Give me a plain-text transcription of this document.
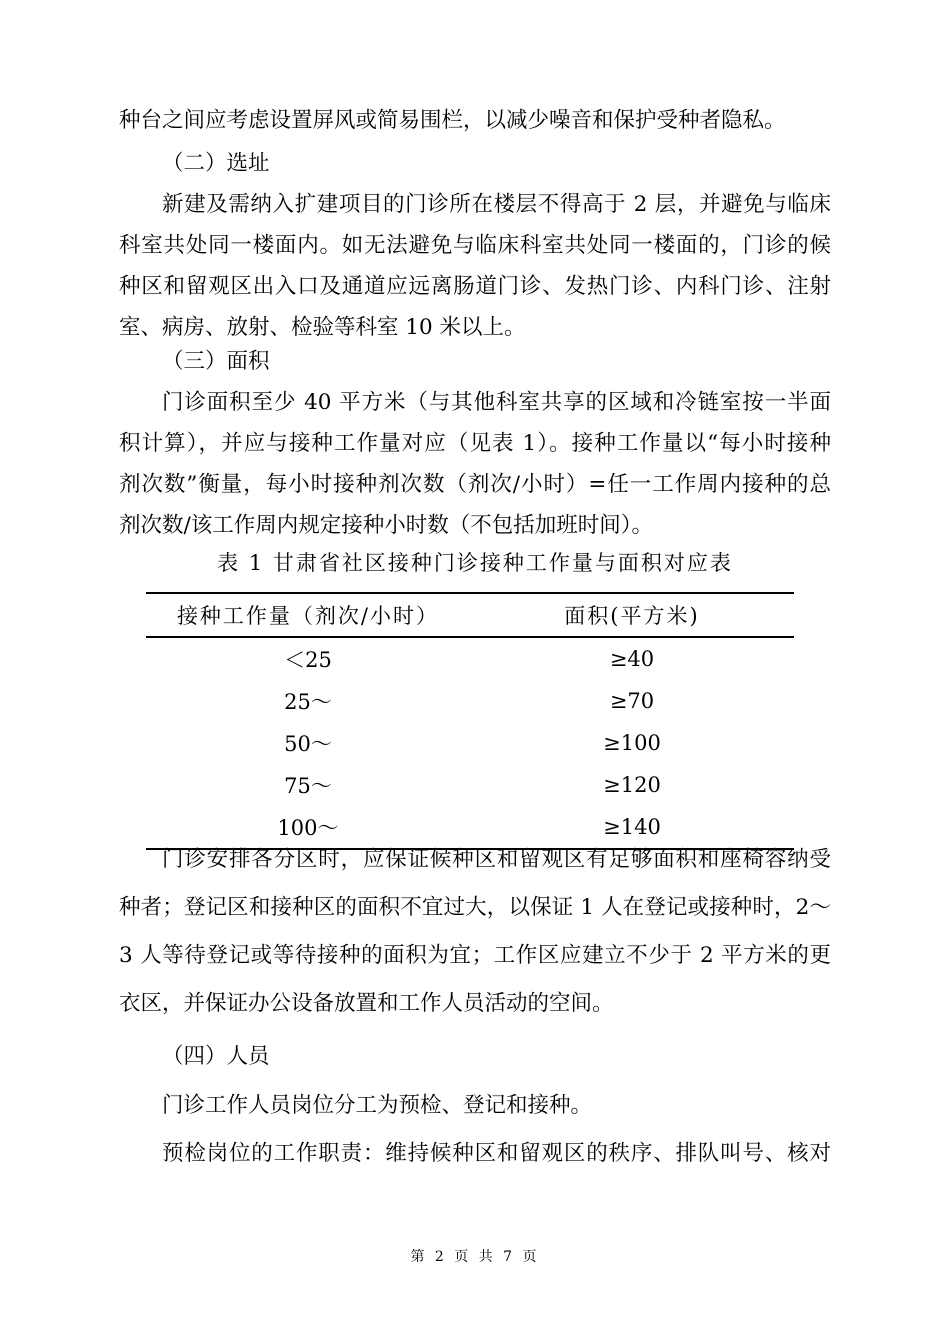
种台之间应考虑设置屏风或简易围栏，以减少噪音和保护受种者隐私。

（二）选址

新建及需纳入扩建项目的门诊所在楼层不得高于 2 层，并避免与临床
科室共处同一楼面内。如无法避免与临床科室共处同一楼面的，门诊的候
种区和留观区出入口及通道应远离肠道门诊、发热门诊、内科门诊、注射
室、病房、放射、检验等科室 10 米以上。

（三）面积

门诊面积至少 40 平方米（与其他科室共享的区域和冷链室按一半面
积计算），并应与接种工作量对应（见表 1）。接种工作量以“每小时接种
剂次数”衡量，每小时接种剂次数（剂次/小时）=任一工作周内接种的总
剂次数/该工作周内规定接种小时数（不包括加班时间）。

表 1 甘肃省社区接种门诊接种工作量与面积对应表
接种工作量（剂次/小时）	面积(平方米)
＜25	≥40
25～	≥70
50～	≥100
75～	≥120
100～	≥140

门诊安排各分区时，应保证候种区和留观区有足够面积和座椅容纳受
种者；登记区和接种区的面积不宜过大，以保证 1 人在登记或接种时，2～
3 人等待登记或等待接种的面积为宜；工作区应建立不少于 2 平方米的更
衣区，并保证办公设备放置和工作人员活动的空间。

（四）人员

门诊工作人员岗位分工为预检、登记和接种。

预检岗位的工作职责：维持候种区和留观区的秩序、排队叫号、核对

第 2 页 共 7 页
